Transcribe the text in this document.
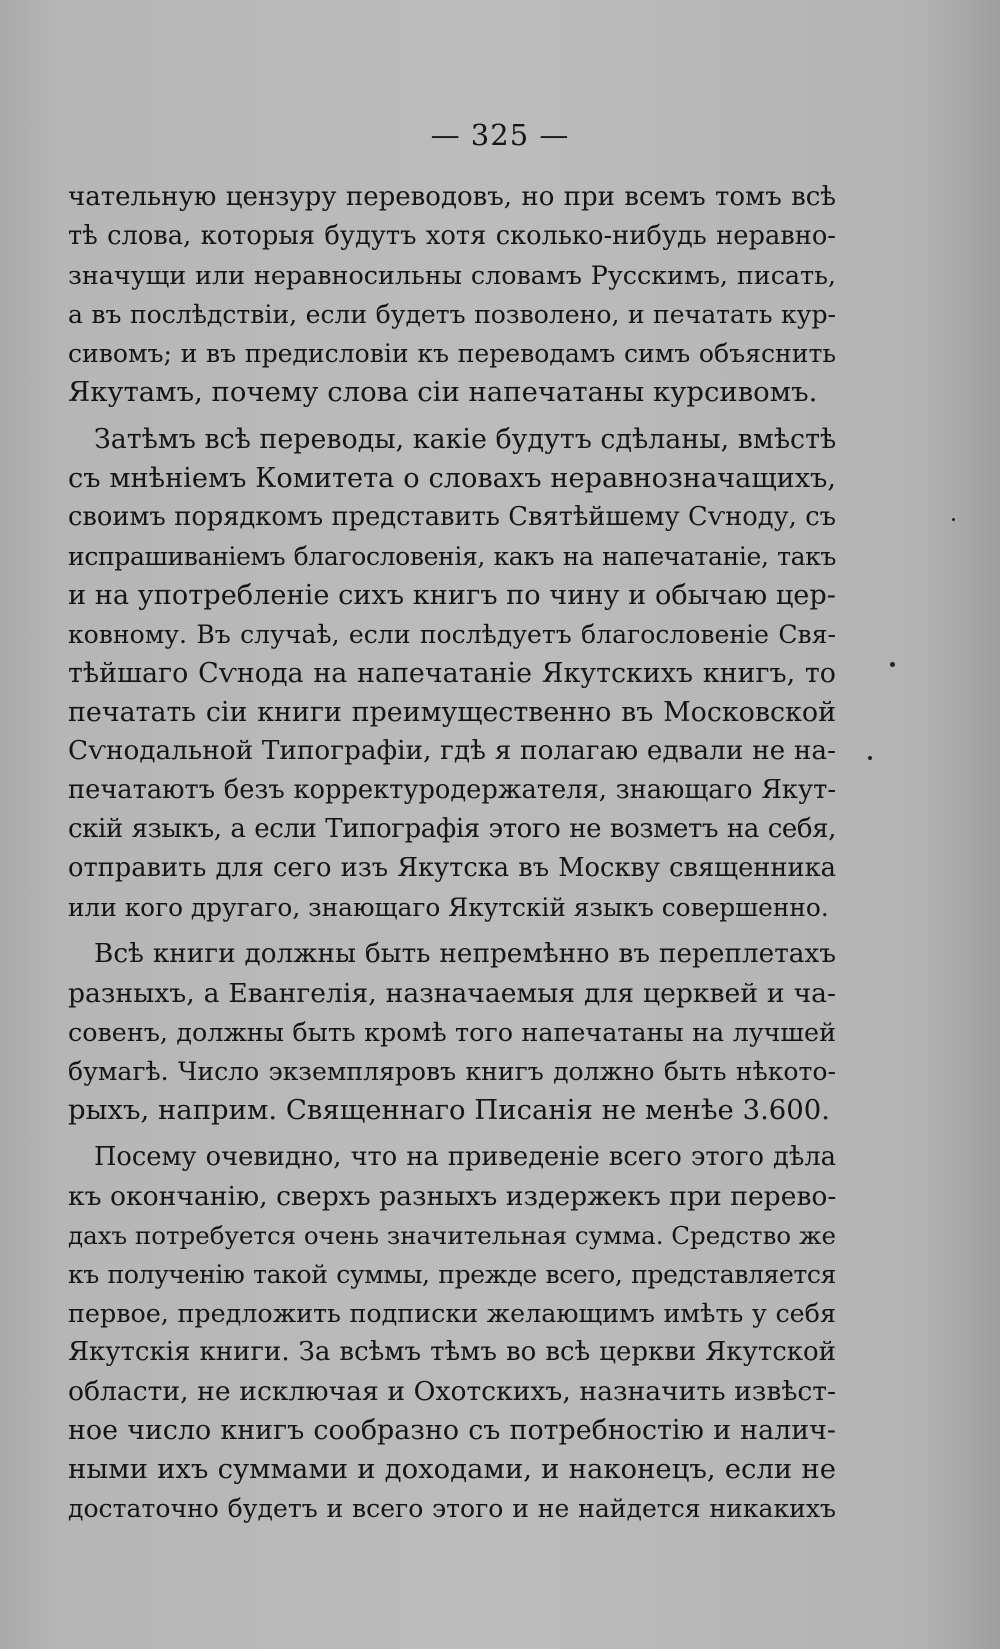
— 325 —
чательную цензуру переводовъ, но при всемъ томъ всѣ
тѣ слова, которыя будутъ хотя сколько-нибудь неравно-
значущи или неравносильны словамъ Русскимъ, писать,
а въ послѣдствіи, если будетъ позволено, и печатать кур-
сивомъ; и въ предисловіи къ переводамъ симъ объяснить
Якутамъ, почему слова сіи напечатаны курсивомъ.
Затѣмъ всѣ переводы, какіе будутъ сдѣланы, вмѣстѣ
съ мнѣніемъ Комитета о словахъ неравнозначащихъ,
своимъ порядкомъ представить Святѣйшему Сѵноду, съ
испрашиваніемъ благословенія, какъ на напечатаніе, такъ
и на употребленіе сихъ книгъ по чину и обычаю цер-
ковному. Въ случаѣ, если послѣдуетъ благословеніе Свя-
тѣйшаго Сѵнода на напечатаніе Якутскихъ книгъ, то
печатать сіи книги преимущественно въ Московской
Сѵнодальной Типографіи, гдѣ я полагаю едвали не на-
печатаютъ безъ корректуродержателя, знающаго Якут-
скій языкъ, а если Типографія этого не возметъ на себя,
отправить для сего изъ Якутска въ Москву священника
или кого другаго, знающаго Якутскій языкъ совершенно.
Всѣ книги должны быть непремѣнно въ переплетахъ
разныхъ, а Евангелія, назначаемыя для церквей и ча-
совенъ, должны быть кромѣ того напечатаны на лучшей
бумагѣ. Число экземпляровъ книгъ должно быть нѣкото-
рыхъ, наприм. Священнаго Писанія не менѣе 3.600.
Посему очевидно, что на приведеніе всего этого дѣла
къ окончанію, сверхъ разныхъ издержекъ при перево-
дахъ потребуется очень значительная сумма. Средство же
къ полученію такой суммы, прежде всего, представляется
первое, предложить подписки желающимъ имѣть у себя
Якутскія книги. За всѣмъ тѣмъ во всѣ церкви Якутской
области, не исключая и Охотскихъ, назначить извѣст-
ное число книгъ сообразно съ потребностію и налич-
ными ихъ суммами и доходами, и наконецъ, если не
достаточно будетъ и всего этого и не найдется никакихъ
